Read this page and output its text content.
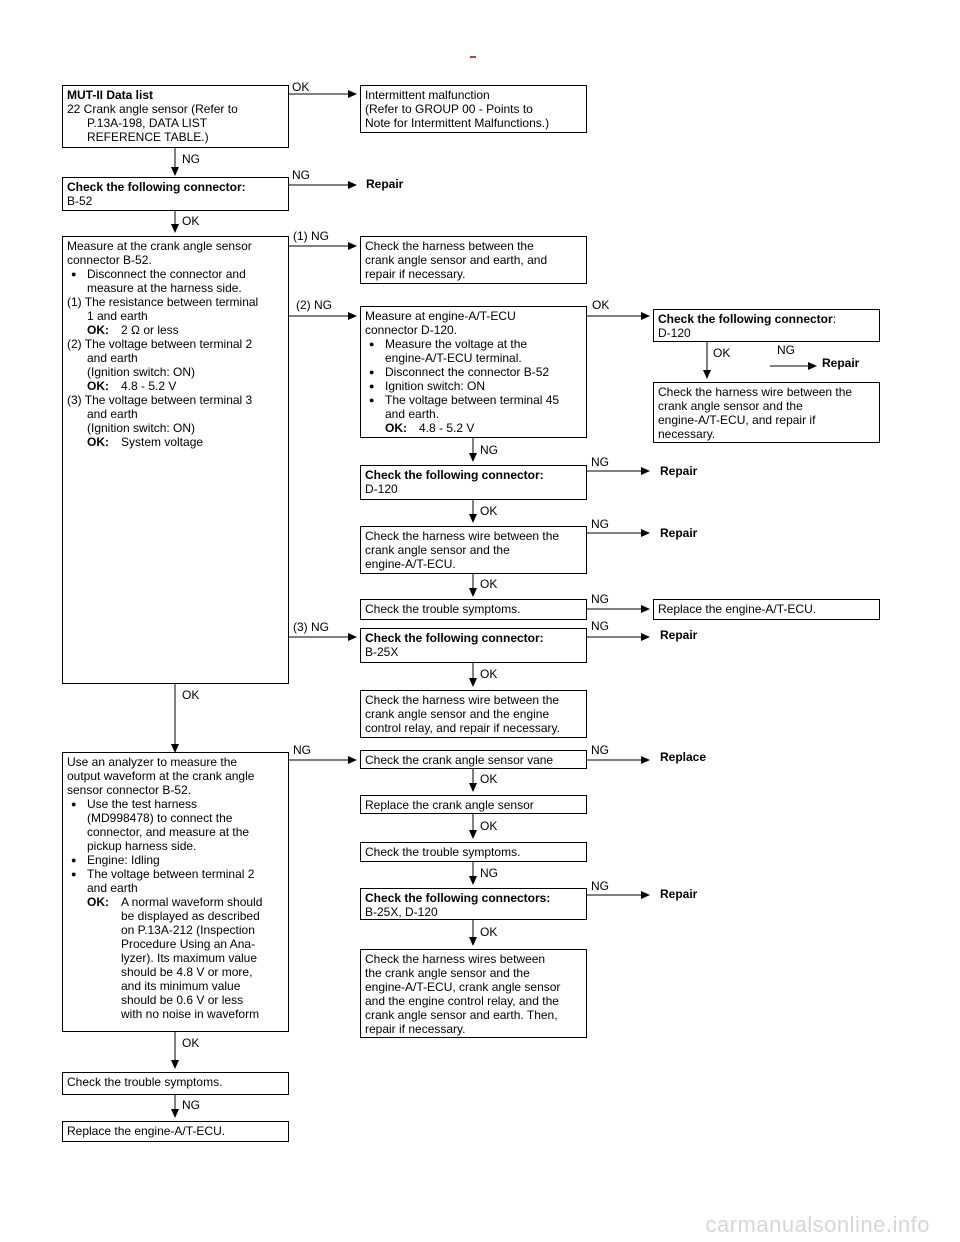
MUT-II Data list
22 Crank angle sensor (Refer to
P.13A-198, DATA LIST
REFERENCE TABLE.)
Intermittent malfunction
(Refer to GROUP 00 - Points to
Note for Intermittent Malfunctions.)
Check the following connector:
B-52
Measure at the crank angle sensor
connector B-52.
● Disconnect the connector and
measure at the harness side.
(1) The resistance between terminal
1 and earth
OK: 2 Ω or less
(2) The voltage between terminal 2
and earth
(Ignition switch: ON)
OK: 4.8 - 5.2 V
(3) The voltage between terminal 3
and earth
(Ignition switch: ON)
OK: System voltage
Check the harness between the
crank angle sensor and earth, and
repair if necessary.
Measure at engine-A/T-ECU
connector D-120.
● Measure the voltage at the
engine-A/T-ECU terminal.
● Disconnect the connector B-52
● Ignition switch: ON
● The voltage between terminal 45
and earth.
OK: 4.8 - 5.2 V
Check the following connector:
D-120
Check the harness wire between the
crank angle sensor and the
engine-A/T-ECU, and repair if
necessary.
Check the following connector:
D-120
Check the harness wire between the
crank angle sensor and the
engine-A/T-ECU.
Check the trouble symptoms.	Replace the engine-A/T-ECU.
Check the following connector:
B-25X
Check the harness wire between the
crank angle sensor and the engine
control relay, and repair if necessary.
Use an analyzer to measure the
output waveform at the crank angle
sensor connector B-52.
● Use the test harness
(MD998478) to connect the
connector, and measure at the
pickup harness side.
● Engine: Idling
● The voltage between terminal 2
and earth
OK: A normal waveform should
be displayed as described
on P.13A-212 (Inspection
Procedure Using an Ana-
lyzer). Its maximum value
should be 4.8 V or more,
and its minimum value
should be 0.6 V or less
with no noise in waveform
Check the crank angle sensor vane
Replace the crank angle sensor
Check the trouble symptoms.
Check the following connectors:
B-25X, D-120
Check the harness wires between
the crank angle sensor and the
engine-A/T-ECU, crank angle sensor
and the engine control relay, and the
crank angle sensor and earth. Then,
repair if necessary.
Check the trouble symptoms.
Replace the engine-A/T-ECU.
OK
NG
NG
OK
(1) NG
(2) NG	OK
OK	NG
NG
NG
OK
NG
OK
NG
(3) NG	NG
OK
OK
NG	NG
OK
OK
NG
NG
OK
OK
NG
Repair
Repair
Repair
Repair
Repair
Replace
Repair
carmanualsonline.info
